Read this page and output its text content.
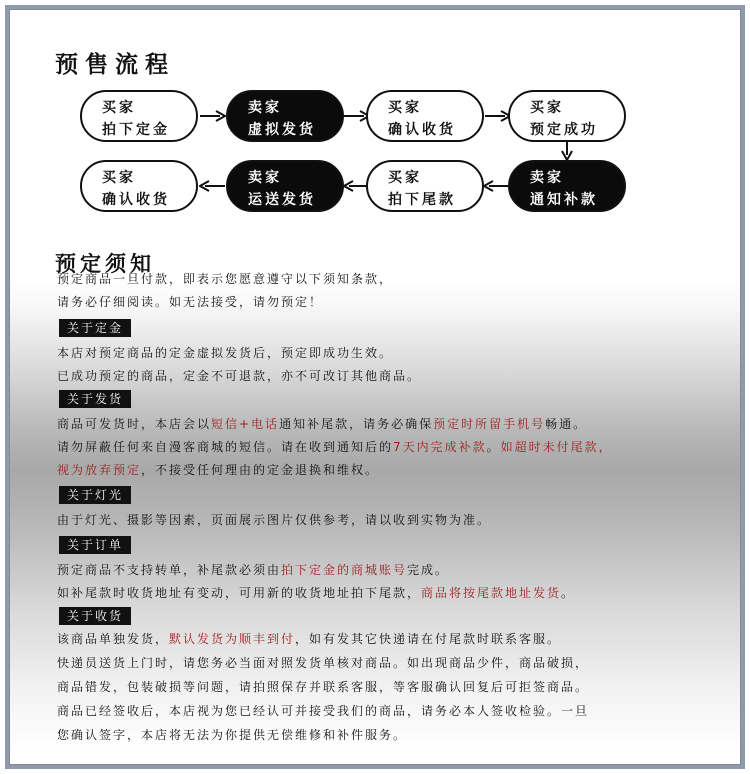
预售流程
买家
拍下定金
卖家
虚拟发货
买家
确认收货
买家
预定成功
买家
确认收货
卖家
运送发货
买家
拍下尾款
卖家
通知补款
预定须知
预定商品一旦付款，即表示您愿意遵守以下须知条款，
请务必仔细阅读。如无法接受，请勿预定！
关于定金
本店对预定商品的定金虚拟发货后，预定即成功生效。
已成功预定的商品，定金不可退款，亦不可改订其他商品。
关于发货
商品可发货时，本店会以短信+电话通知补尾款，请务必确保预定时所留手机号畅通。
请勿屏蔽任何来自漫客商城的短信。请在收到通知后的7天内完成补款。如超时未付尾款，
视为放弃预定，不接受任何理由的定金退换和维权。
关于灯光
由于灯光、摄影等因素，页面展示图片仅供参考，请以收到实物为准。
关于订单
预定商品不支持转单，补尾款必须由拍下定金的商城账号完成。
如补尾款时收货地址有变动，可用新的收货地址拍下尾款，商品将按尾款地址发货。
关于收货
该商品单独发货，默认发货为顺丰到付，如有发其它快递请在付尾款时联系客服。
快递员送货上门时，请您务必当面对照发货单核对商品。如出现商品少件，商品破损，
商品错发，包装破损等问题，请拍照保存并联系客服，等客服确认回复后可拒签商品。
商品已经签收后，本店视为您已经认可并接受我们的商品，请务必本人签收检验。一旦
您确认签字，本店将无法为你提供无偿维修和补件服务。
